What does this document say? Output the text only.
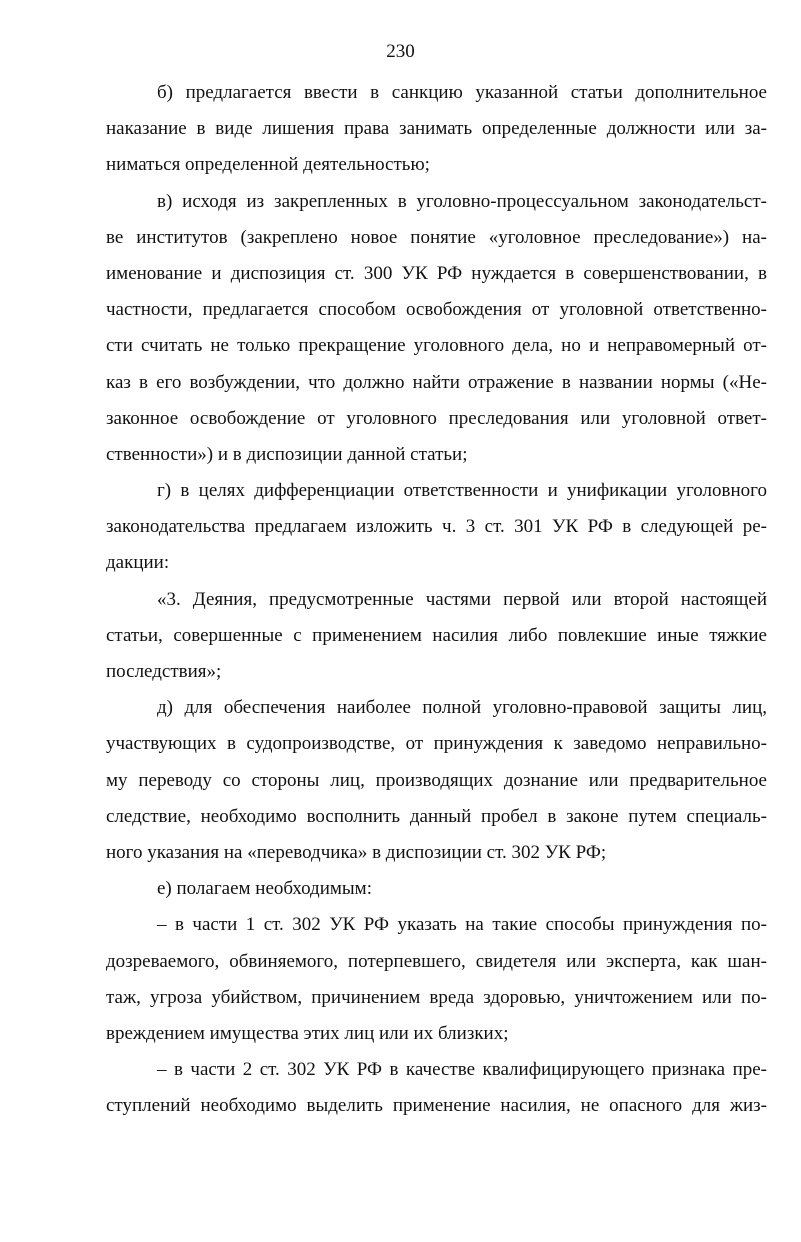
230
б) предлагается ввести в санкцию указанной статьи дополнительное
наказание в виде лишения права занимать определенные должности или за-
ниматься определенной деятельностью;
в) исходя из закрепленных в уголовно-процессуальном законодательст-
ве институтов (закреплено новое понятие «уголовное преследование») на-
именование и диспозиция ст. 300 УК РФ нуждается в совершенствовании, в
частности, предлагается способом освобождения от уголовной ответственно-
сти считать не только прекращение уголовного дела, но и неправомерный от-
каз в его возбуждении, что должно найти отражение в названии нормы («Не-
законное освобождение от уголовного преследования или уголовной ответ-
ственности») и в диспозиции данной статьи;
г) в целях дифференциации ответственности и унификации уголовного
законодательства предлагаем изложить ч. 3 ст. 301 УК РФ в следующей ре-
дакции:
«3. Деяния, предусмотренные частями первой или второй настоящей
статьи, совершенные с применением насилия либо повлекшие иные тяжкие
последствия»;
д) для обеспечения наиболее полной уголовно-правовой защиты лиц,
участвующих в судопроизводстве, от принуждения к заведомо неправильно-
му переводу со стороны лиц, производящих дознание или предварительное
следствие, необходимо восполнить данный пробел в законе путем специаль-
ного указания на «переводчика» в диспозиции ст. 302 УК РФ;
е) полагаем необходимым:
– в части 1 ст. 302 УК РФ указать на такие способы принуждения по-
дозреваемого, обвиняемого, потерпевшего, свидетеля или эксперта, как шан-
таж, угроза убийством, причинением вреда здоровью, уничтожением или по-
вреждением имущества этих лиц или их близких;
– в части 2 ст. 302 УК РФ в качестве квалифицирующего признака пре-
ступлений необходимо выделить применение насилия, не опасного для жиз-
